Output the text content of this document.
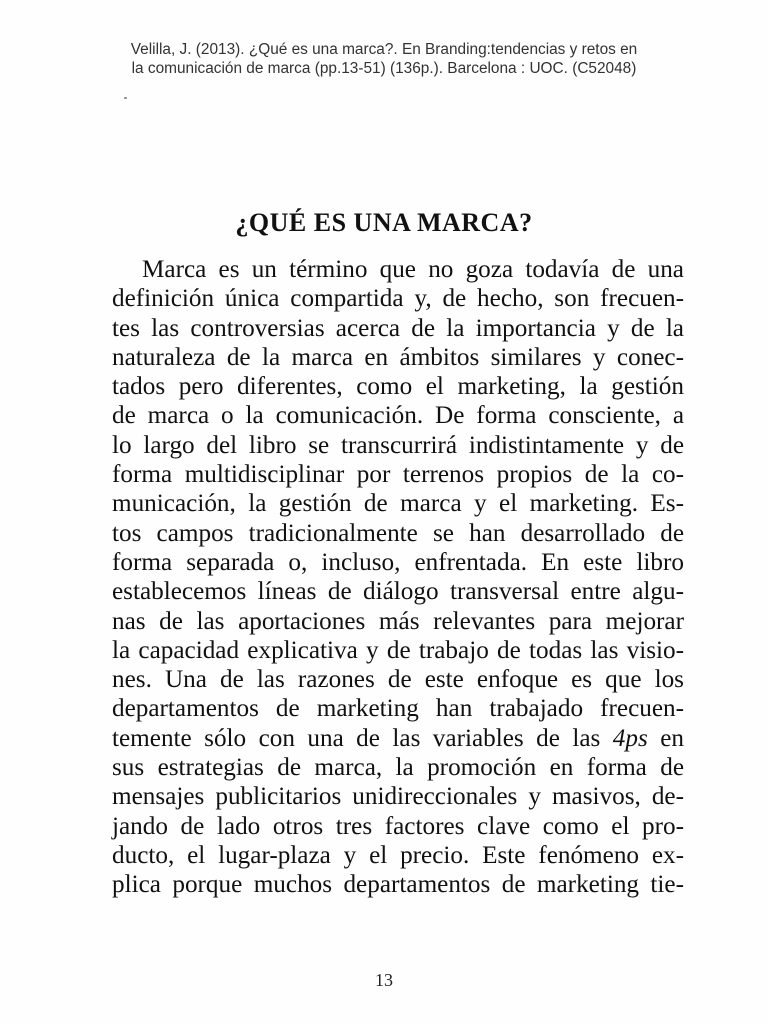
Velilla, J. (2013). ¿Qué es una marca?. En Branding:tendencias y retos en
la comunicación de marca (pp.13-51) (136p.). Barcelona : UOC. (C52048)
¿QUÉ ES UNA MARCA?
Marca es un término que no goza todavía de una
definición única compartida y, de hecho, son frecuen-
tes las controversias acerca de la importancia y de la
naturaleza de la marca en ámbitos similares y conec-
tados pero diferentes, como el marketing, la gestión
de marca o la comunicación. De forma consciente, a
lo largo del libro se transcurrirá indistintamente y de
forma multidisciplinar por terrenos propios de la co-
municación, la gestión de marca y el marketing. Es-
tos campos tradicionalmente se han desarrollado de
forma separada o, incluso, enfrentada. En este libro
establecemos líneas de diálogo transversal entre algu-
nas de las aportaciones más relevantes para mejorar
la capacidad explicativa y de trabajo de todas las visio-
nes. Una de las razones de este enfoque es que los
departamentos de marketing han trabajado frecuen-
temente sólo con una de las variables de las 4ps en
sus estrategias de marca, la promoción en forma de
mensajes publicitarios unidireccionales y masivos, de-
jando de lado otros tres factores clave como el pro-
ducto, el lugar-plaza y el precio. Este fenómeno ex-
plica porque muchos departamentos de marketing tie-
13
